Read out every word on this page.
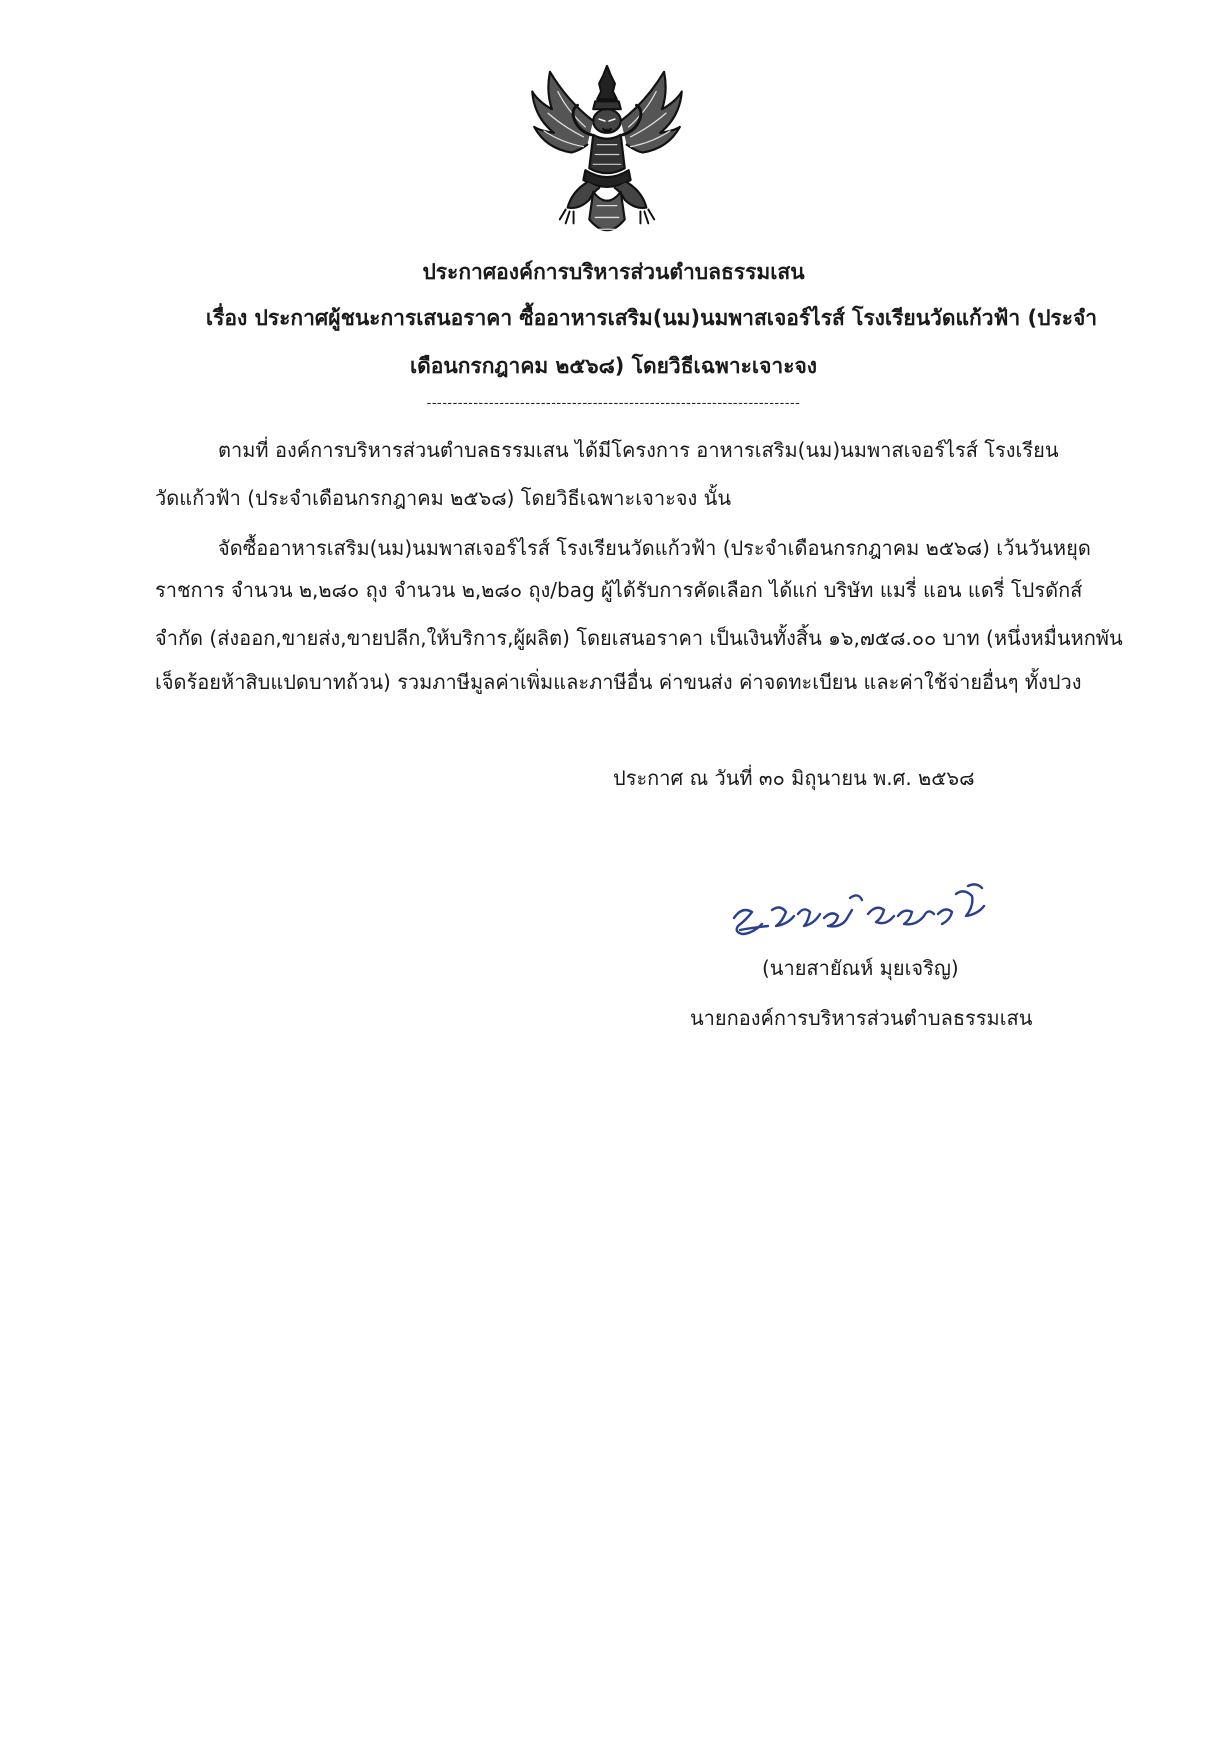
ประกาศองค์การบริหารส่วนตำบลธรรมเสน
เรื่อง ประกาศผู้ชนะการเสนอราคา ซื้ออาหารเสริม(นม)นมพาสเจอร์ไรส์ โรงเรียนวัดแก้วฟ้า (ประจำ
เดือนกรกฎาคม ๒๕๖๘) โดยวิธีเฉพาะเจาะจง
------------------------------------------------------------------------
ตามที่ องค์การบริหารส่วนตำบลธรรมเสน ได้มีโครงการ อาหารเสริม(นม)นมพาสเจอร์ไรส์ โรงเรียน
วัดแก้วฟ้า (ประจำเดือนกรกฎาคม ๒๕๖๘) โดยวิธีเฉพาะเจาะจง นั้น
จัดซื้ออาหารเสริม(นม)นมพาสเจอร์ไรส์ โรงเรียนวัดแก้วฟ้า (ประจำเดือนกรกฎาคม ๒๕๖๘) เว้นวันหยุด
ราชการ จำนวน ๒,๒๘๐ ถุง จำนวน ๒,๒๘๐ ถุง/bag ผู้ได้รับการคัดเลือก ได้แก่ บริษัท แมรี่ แอน แดรี่ โปรดักส์
จำกัด (ส่งออก,ขายส่ง,ขายปลีก,ให้บริการ,ผู้ผลิต) โดยเสนอราคา เป็นเงินทั้งสิ้น ๑๖,๗๕๘.๐๐ บาท (หนึ่งหมื่นหกพัน
เจ็ดร้อยห้าสิบแปดบาทถ้วน) รวมภาษีมูลค่าเพิ่มและภาษีอื่น ค่าขนส่ง ค่าจดทะเบียน และค่าใช้จ่ายอื่นๆ ทั้งปวง
ประกาศ ณ วันที่ ๓๐ มิถุนายน พ.ศ. ๒๕๖๘
(นายสายัณห์ มุยเจริญ)
นายกองค์การบริหารส่วนตำบลธรรมเสน
